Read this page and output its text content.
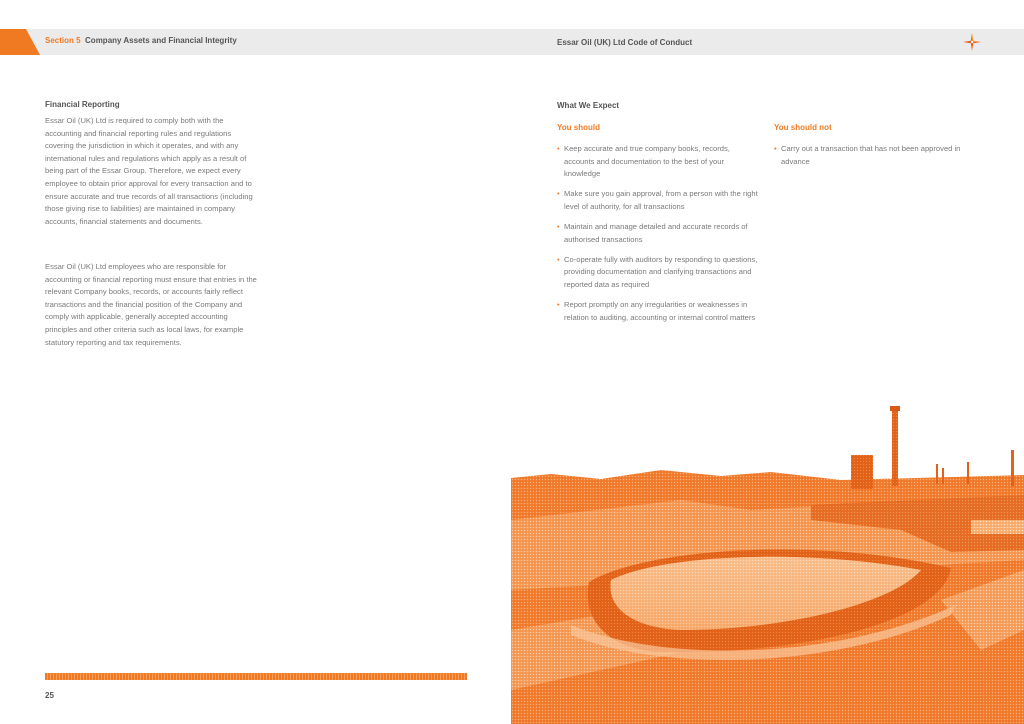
Section 5 Company Assets and Financial Integrity	Essar Oil (UK) Ltd Code of Conduct
Financial Reporting

Essar Oil (UK) Ltd is required to comply both with the accounting and financial reporting rules and regulations covering the jurisdiction in which it operates, and with any international rules and regulations which apply as a result of being part of the Essar Group. Therefore, we expect every employee to obtain prior approval for every transaction and to ensure accurate and true records of all transactions (including those giving rise to liabilities) are maintained in company accounts, financial statements and documents.

Essar Oil (UK) Ltd employees who are responsible for accounting or financial reporting must ensure that entries in the relevant Company books, records, or accounts fairly reflect transactions and the financial position of the Company and comply with applicable, generally accepted accounting principles and other criteria such as local laws, for example statutory reporting and tax requirements.

What We Expect
You should
• Keep accurate and true company books, records, accounts and documentation to the best of your knowledge
• Make sure you gain approval, from a person with the right level of authority, for all transactions
• Maintain and manage detailed and accurate records of authorised transactions
• Co-operate fully with auditors by responding to questions, providing documentation and clarifying transactions and reported data as required
• Report promptly on any irregularities or weaknesses in relation to auditing, accounting or internal control matters
You should not
• Carry out a transaction that has not been approved in advance
25
